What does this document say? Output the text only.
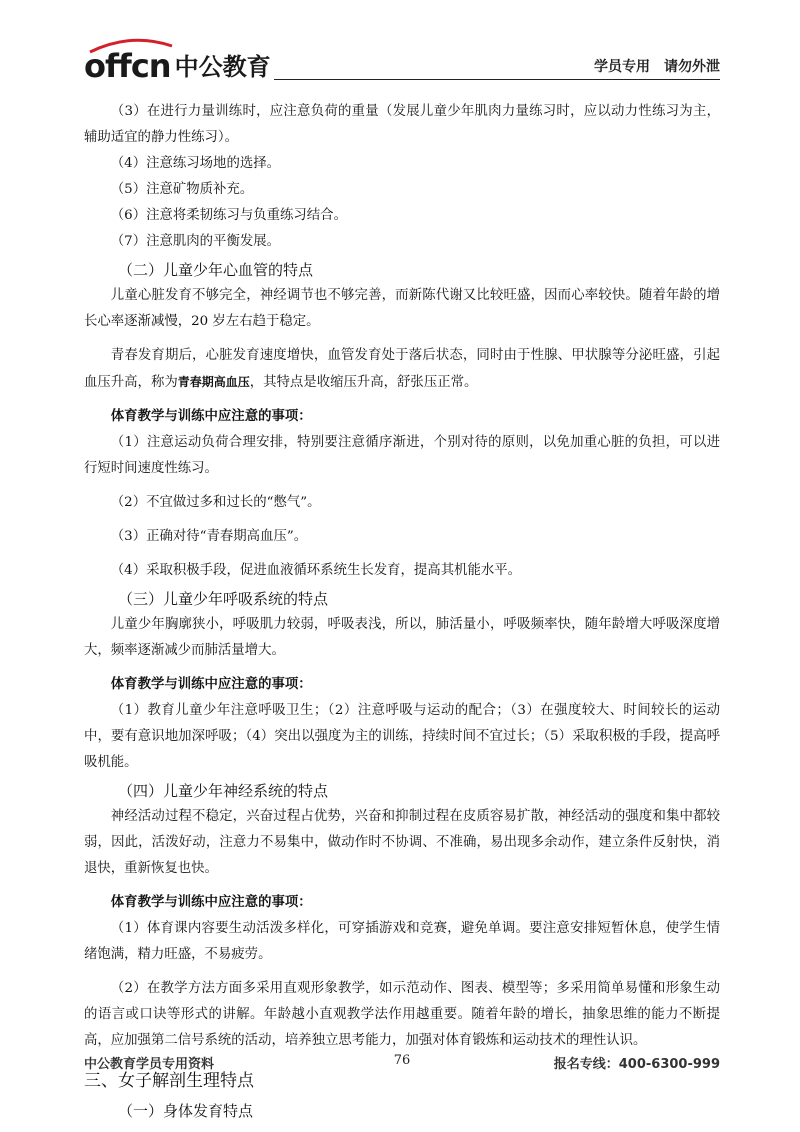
offcn 中公教育	学员专用　请勿外泄

（3）在进行力量训练时，应注意负荷的重量（发展儿童少年肌肉力量练习时，应以动力性练习为主，辅助适宜的静力性练习）。

（4）注意练习场地的选择。

（5）注意矿物质补充。

（6）注意将柔韧练习与负重练习结合。

（7）注意肌肉的平衡发展。

（二）儿童少年心血管的特点

儿童心脏发育不够完全，神经调节也不够完善，而新陈代谢又比较旺盛，因而心率较快。随着年龄的增长心率逐渐减慢，20 岁左右趋于稳定。

青春发育期后，心脏发育速度增快，血管发育处于落后状态，同时由于性腺、甲状腺等分泌旺盛，引起血压升高，称为青春期高血压，其特点是收缩压升高，舒张压正常。

体育教学与训练中应注意的事项：

（1）注意运动负荷合理安排，特别要注意循序渐进，个别对待的原则，以免加重心脏的负担，可以进行短时间速度性练习。

（2）不宜做过多和过长的“憋气”。

（3）正确对待“青春期高血压”。

（4）采取积极手段，促进血液循环系统生长发育，提高其机能水平。

（三）儿童少年呼吸系统的特点

儿童少年胸廓狭小，呼吸肌力较弱，呼吸表浅，所以，肺活量小，呼吸频率快，随年龄增大呼吸深度增大，频率逐渐减少而肺活量增大。

体育教学与训练中应注意的事项：

（1）教育儿童少年注意呼吸卫生；（2）注意呼吸与运动的配合；（3）在强度较大、时间较长的运动中，要有意识地加深呼吸；（4）突出以强度为主的训练，持续时间不宜过长；（5）采取积极的手段，提高呼吸机能。

（四）儿童少年神经系统的特点

神经活动过程不稳定，兴奋过程占优势，兴奋和抑制过程在皮质容易扩散，神经活动的强度和集中都较弱，因此，活泼好动，注意力不易集中，做动作时不协调、不准确，易出现多余动作，建立条件反射快，消退快，重新恢复也快。

体育教学与训练中应注意的事项：

（1）体育课内容要生动活泼多样化，可穿插游戏和竞赛，避免单调。要注意安排短暂休息，使学生情绪饱满，精力旺盛，不易疲劳。

（2）在教学方法方面多采用直观形象教学，如示范动作、图表、模型等；多采用简单易懂和形象生动的语言或口诀等形式的讲解。年龄越小直观教学法作用越重要。随着年龄的增长，抽象思维的能力不断提高，应加强第二信号系统的活动，培养独立思考能力，加强对体育锻炼和运动技术的理性认识。

三、女子解剖生理特点
（一）身体发育特点
中公教育学员专用资料	76	报名专线：400-6300-999
